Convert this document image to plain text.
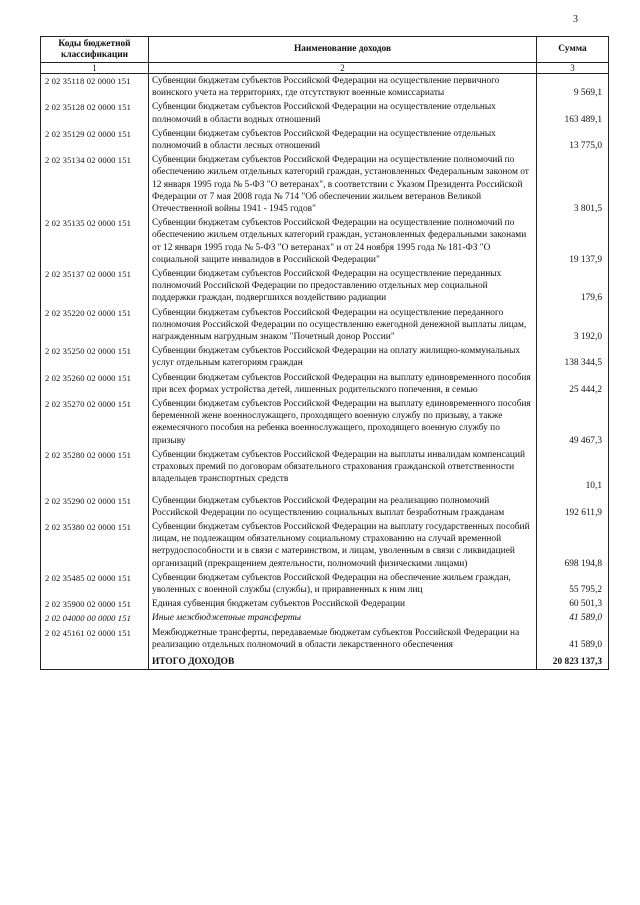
3
Коды бюджетной классификации	Наименование доходов	Сумма
1	2	3
2 02 35118 02 0000 151	Субвенции бюджетам субъектов Российской Федерации на осуществление первичного воинского учета на территориях, где отсутствуют военные комиссариаты	9 569,1
2 02 35128 02 0000 151	Субвенции бюджетам субъектов Российской Федерации на осуществление отдельных полномочий в области водных отношений	163 489,1
2 02 35129 02 0000 151	Субвенции бюджетам субъектов Российской Федерации на осуществление отдельных полномочий в области лесных отношений	13 775,0
2 02 35134 02 0000 151	Субвенции бюджетам субъектов Российской Федерации на осуществление полномочий по обеспечению жильем отдельных категорий граждан, установленных Федеральным законом от 12 января 1995 года № 5-ФЗ "О ветеранах", в соответствии с Указом Президента Российской Федерации от 7 мая 2008 года № 714 "Об обеспечении жильем ветеранов Великой Отечественной войны 1941 - 1945 годов"	3 801,5
2 02 35135 02 0000 151	Субвенции бюджетам субъектов Российской Федерации на осуществление полномочий по обеспечению жильем отдельных категорий граждан, установленных федеральными законами от 12 января 1995 года № 5-ФЗ "О ветеранах" и от 24 ноября 1995 года № 181-ФЗ "О социальной защите инвалидов в Российской Федерации"	19 137,9
2 02 35137 02 0000 151	Субвенции бюджетам субъектов Российской Федерации на осуществление переданных полномочий Российской Федерации по предоставлению отдельных мер социальной поддержки граждан, подвергшихся воздействию радиации	179,6
2 02 35220 02 0000 151	Субвенции бюджетам субъектов Российской Федерации на осуществление переданного полномочия Российской Федерации по осуществлению ежегодной денежной выплаты лицам, награжденным нагрудным знаком "Почетный донор России"	3 192,0
2 02 35250 02 0000 151	Субвенции бюджетам субъектов Российской Федерации на оплату жилищно-коммунальных услуг отдельным категориям граждан	138 344,5
2 02 35260 02 0000 151	Субвенции бюджетам субъектов Российской Федерации на выплату единовременного пособия при всех формах устройства детей, лишенных родительского попечения, в семью	25 444,2
2 02 35270 02 0000 151	Субвенции бюджетам субъектов Российской Федерации на выплату единовременного пособия беременной жене военнослужащего, проходящего военную службу по призыву, а также ежемесячного пособия на ребенка военнослужащего, проходящего военную службу по призыву	49 467,3
2 02 35280 02 0000 151	Субвенции бюджетам субъектов Российской Федерации на выплаты инвалидам компенсаций страховых премий по договорам обязательного страхования гражданской ответственности владельцев транспортных средств	10,1
2 02 35290 02 0000 151	Субвенции бюджетам субъектов Российской Федерации на реализацию полномочий Российской Федерации по осуществлению социальных выплат безработным гражданам	192 611,9
2 02 35380 02 0000 151	Субвенции бюджетам субъектов Российской Федерации на выплату государственных пособий лицам, не подлежащим обязательному социальному страхованию на случай временной нетрудоспособности и в связи с материнством, и лицам, уволенным в связи с ликвидацией организаций (прекращением деятельности, полномочий физическими лицами)	698 194,8
2 02 35485 02 0000 151	Субвенции бюджетам субъектов Российской Федерации на обеспечение жильем граждан, уволенных с военной службы (службы), и приравненных к ним лиц	55 795,2
2 02 35900 02 0000 151	Единая субвенция бюджетам субъектов Российской Федерации	60 501,3
2 02 04000 00 0000 151	Иные межбюджетные трансферты	41 589,0
2 02 45161 02 0000 151	Межбюджетные трансферты, передаваемые бюджетам субъектов Российской Федерации на реализацию отдельных полномочий в области лекарственного обеспечения	41 589,0
	ИТОГО ДОХОДОВ	20 823 137,3
